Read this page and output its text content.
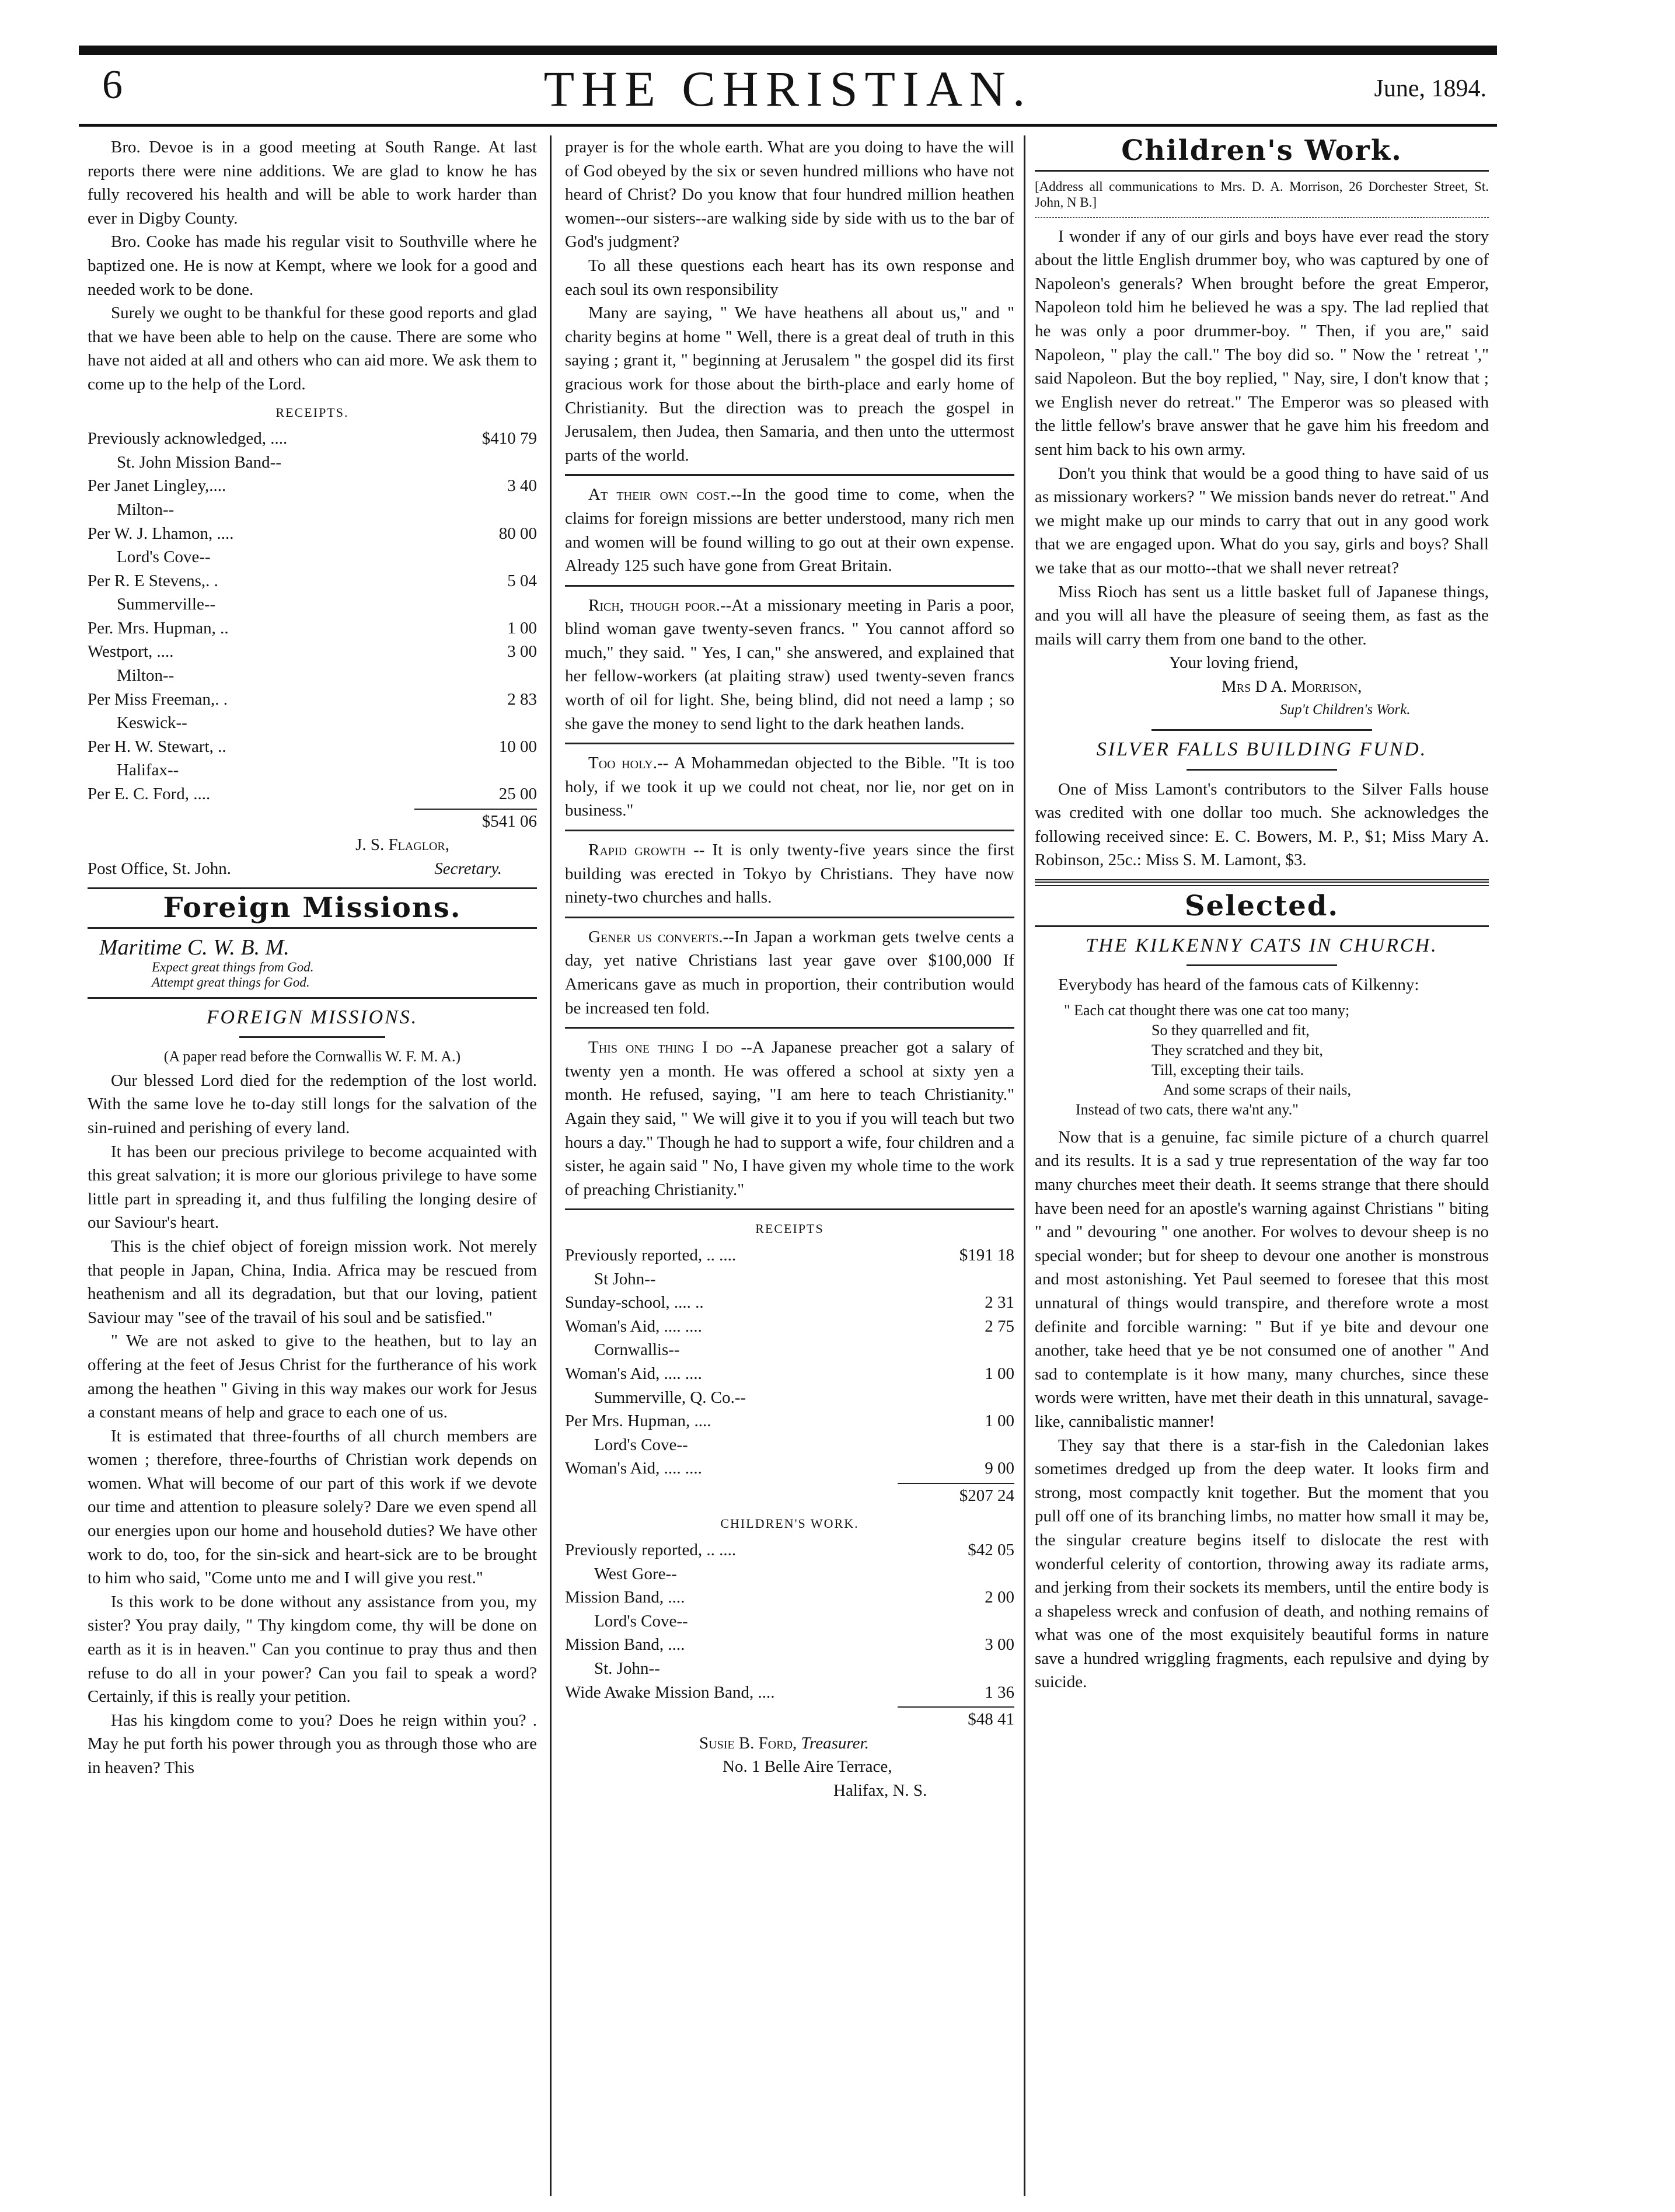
6	THE CHRISTIAN.	June, 1894.

Bro. Devoe is in a good meeting at South Range. At last reports there were nine additions. We are glad to know he has fully recovered his health and will be able to work harder than ever in Digby County.

Bro. Cooke has made his regular visit to Southville where he baptized one. He is now at Kempt, where we look for a good and needed work to be done.

Surely we ought to be thankful for these good reports and glad that we have been able to help on the cause. There are some who have not aided at all and others who can aid more. We ask them to come up to the help of the Lord.

RECEIPTS.
Previously acknowledged, ....	$410 79
St. John Mission Band--
Per Janet Lingley,....	3 40
Milton--
Per W. J. Lhamon, ....	80 00
Lord's Cove--
Per R. E Stevens,. .	5 04
Summerville--
Per. Mrs. Hupman, ..	1 00
Westport, ....	3 00
Milton--
Per Miss Freeman,. .	2 83
Keswick--
Per H. W. Stewart, ..	10 00
Halifax--
Per E. C. Ford, ....	25 00
$541 06
J. S. Flaglor,
Post Office, St. John.	Secretary.
Foreign Missions.
Maritime C. W. B. M.
Expect great things from God.
Attempt great things for God.
FOREIGN MISSIONS.

(A paper read before the Cornwallis W. F. M. A.)

Our blessed Lord died for the redemption of the lost world. With the same love he to-day still longs for the salvation of the sin-ruined and perishing of every land.

It has been our precious privilege to become acquainted with this great salvation; it is more our glorious privilege to have some little part in spreading it, and thus fulfiling the longing desire of our Saviour's heart.

This is the chief object of foreign mission work. Not merely that people in Japan, China, India. Africa may be rescued from heathenism and all its degradation, but that our loving, patient Saviour may "see of the travail of his soul and be satisfied."

" We are not asked to give to the heathen, but to lay an offering at the feet of Jesus Christ for the furtherance of his work among the heathen " Giving in this way makes our work for Jesus a constant means of help and grace to each one of us.

It is estimated that three-fourths of all church members are women ; therefore, three-fourths of Christian work depends on women. What will become of our part of this work if we devote our time and attention to pleasure solely? Dare we even spend all our energies upon our home and household duties? We have other work to do, too, for the sin-sick and heart-sick are to be brought to him who said, "Come unto me and I will give you rest."

Is this work to be done without any assistance from you, my sister? You pray daily, " Thy kingdom come, thy will be done on earth as it is in heaven." Can you continue to pray thus and then refuse to do all in your power? Can you fail to speak a word? Certainly, if this is really your petition.

Has his kingdom come to you? Does he reign within you? . May he put forth his power through you as through those who are in heaven? This

prayer is for the whole earth. What are you doing to have the will of God obeyed by the six or seven hundred millions who have not heard of Christ? Do you know that four hundred million heathen women--our sisters--are walking side by side with us to the bar of God's judgment?

To all these questions each heart has its own response and each soul its own responsibility

Many are saying, " We have heathens all about us," and " charity begins at home " Well, there is a great deal of truth in this saying ; grant it, " beginning at Jerusalem " the gospel did its first gracious work for those about the birth-place and early home of Christianity. But the direction was to preach the gospel in Jerusalem, then Judea, then Samaria, and then unto the uttermost parts of the world.

At their own cost.--In the good time to come, when the claims for foreign missions are better understood, many rich men and women will be found willing to go out at their own expense. Already 125 such have gone from Great Britain.

Rich, though poor.--At a missionary meeting in Paris a poor, blind woman gave twenty-seven francs. " You cannot afford so much," they said. " Yes, I can," she answered, and explained that her fellow-workers (at plaiting straw) used twenty-seven francs worth of oil for light. She, being blind, did not need a lamp ; so she gave the money to send light to the dark heathen lands.

Too holy.-- A Mohammedan objected to the Bible. "It is too holy, if we took it up we could not cheat, nor lie, nor get on in business."

Rapid growth -- It is only twenty-five years since the first building was erected in Tokyo by Christians. They have now ninety-two churches and halls.

Gener us converts.--In Japan a workman gets twelve cents a day, yet native Christians last year gave over $100,000 If Americans gave as much in proportion, their contribution would be increased ten fold.

This one thing I do --A Japanese preacher got a salary of twenty yen a month. He was offered a school at sixty yen a month. He refused, saying, "I am here to teach Christianity." Again they said, " We will give it to you if you will teach but two hours a day." Though he had to support a wife, four children and a sister, he again said " No, I have given my whole time to the work of preaching Christianity."

RECEIPTS
Previously reported, .. ....	$191 18
St John--
Sunday-school, .... ..	2 31
Woman's Aid, .... ....	2 75
Cornwallis--
Woman's Aid, .... ....	1 00
Summerville, Q. Co.--
Per Mrs. Hupman, ....	1 00
Lord's Cove--
Woman's Aid, .... ....	9 00
$207 24
CHILDREN'S WORK.
Previously reported, .. ....	$42 05
West Gore--
Mission Band, ....	2 00
Lord's Cove--
Mission Band, ....	3 00
St. John--
Wide Awake Mission Band, ....	1 36
$48 41
Susie B. Ford, Treasurer.
No. 1 Belle Aire Terrace,
Halifax, N. S.
Children's Work.

[Address all communications to Mrs. D. A. Morrison, 26 Dorchester Street, St. John, N B.]

I wonder if any of our girls and boys have ever read the story about the little English drummer boy, who was captured by one of Napoleon's generals? When brought before the great Emperor, Napoleon told him he believed he was a spy. The lad replied that he was only a poor drummer-boy. " Then, if you are," said Napoleon, " play the call." The boy did so. " Now the ' retreat '," said Napoleon. But the boy replied, " Nay, sire, I don't know that ; we English never do retreat." The Emperor was so pleased with the little fellow's brave answer that he gave him his freedom and sent him back to his own army.

Don't you think that would be a good thing to have said of us as missionary workers? " We mission bands never do retreat." And we might make up our minds to carry that out in any good work that we are engaged upon. What do you say, girls and boys? Shall we take that as our motto--that we shall never retreat?

Miss Rioch has sent us a little basket full of Japanese things, and you will all have the pleasure of seeing them, as fast as the mails will carry them from one band to the other.

Your loving friend,

Mrs D A. Morrison,

Sup't Children's Work.

SILVER FALLS BUILDING FUND.

One of Miss Lamont's contributors to the Silver Falls house was credited with one dollar too much. She acknowledges the following received since: E. C. Bowers, M. P., $1; Miss Mary A. Robinson, 25c.: Miss S. M. Lamont, $3.

Selected.
THE KILKENNY CATS IN CHURCH.

Everybody has heard of the famous cats of Kilkenny:

" Each cat thought there was one cat too many;

So they quarrelled and fit,

They scratched and they bit,

Till, excepting their tails.

And some scraps of their nails,

Instead of two cats, there wa'nt any."

Now that is a genuine, fac simile picture of a church quarrel and its results. It is a sad y true representation of the way far too many churches meet their death. It seems strange that there should have been need for an apostle's warning against Christians " biting " and " devouring " one another. For wolves to devour sheep is no special wonder; but for sheep to devour one another is monstrous and most astonishing. Yet Paul seemed to foresee that this most unnatural of things would transpire, and therefore wrote a most definite and forcible warning: " But if ye bite and devour one another, take heed that ye be not consumed one of another " And sad to contemplate is it how many, many churches, since these words were written, have met their death in this unnatural, savage-like, cannibalistic manner!

They say that there is a star-fish in the Caledonian lakes sometimes dredged up from the deep water. It looks firm and strong, most compactly knit together. But the moment that you pull off one of its branching limbs, no matter how small it may be, the singular creature begins itself to dislocate the rest with wonderful celerity of contortion, throwing away its radiate arms, and jerking from their sockets its members, until the entire body is a shapeless wreck and confusion of death, and nothing remains of what was one of the most exquisitely beautiful forms in nature save a hundred wriggling fragments, each repulsive and dying by suicide.
